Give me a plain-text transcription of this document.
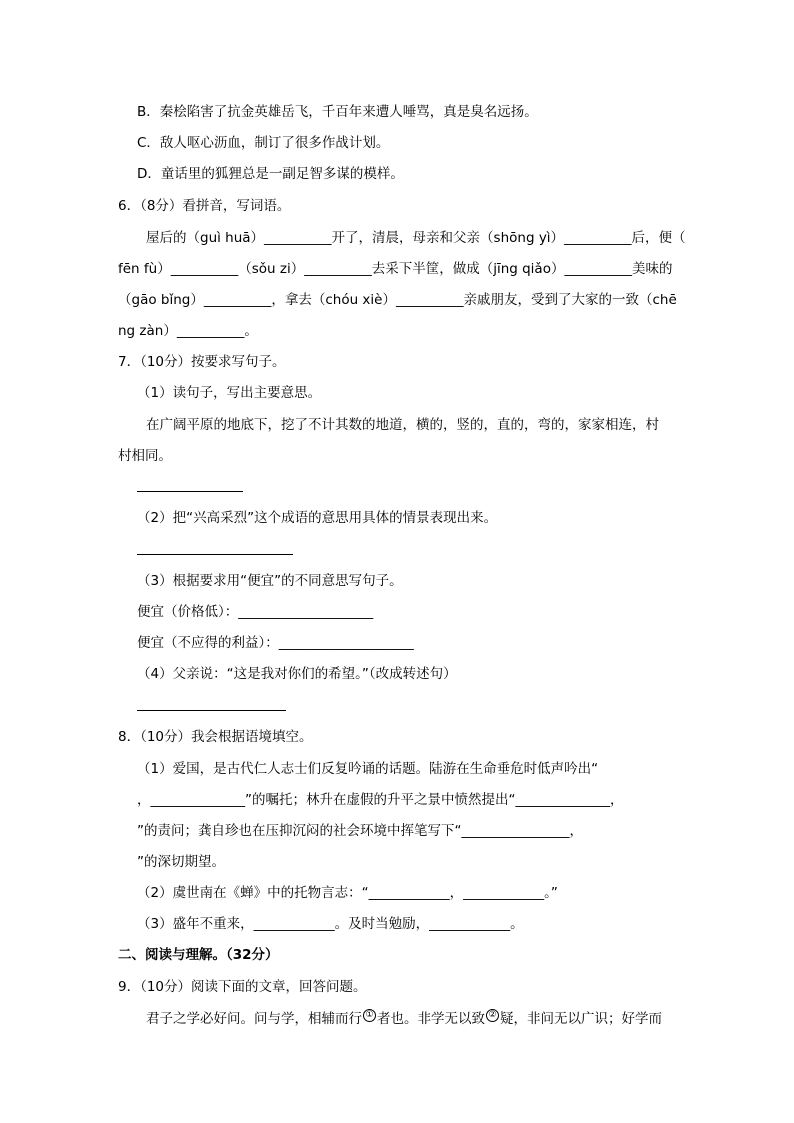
B．秦桧陷害了抗金英雄岳飞，千百年来遭人唾骂，真是臭名远扬。
C．敌人呕心沥血，制订了很多作战计划。
D．童话里的狐狸总是一副足智多谋的模样。
6．（8分）看拼音，写词语。
屋后的（guì huā）__________开了，清晨，母亲和父亲（shōng yì）__________后，便（
fēn fù）__________（sǒu zi）__________去采下半筐，做成（jīng qiǎo）__________美味的
（gāo bǐng）__________，拿去（chóu xiè）__________亲戚朋友，受到了大家的一致（chē
ng zàn）__________。
7．（10分）按要求写句子。
（1）读句子，写出主要意思。
在广阔平原的地底下，挖了不计其数的地道，横的，竖的，直的，弯的，家家相连，村
村相同。
（2）把“兴高采烈”这个成语的意思用具体的情景表现出来。
（3）根据要求用“便宜”的不同意思写句子。
便宜（价格低）：____________________
便宜（不应得的利益）：____________________
（4）父亲说：“这是我对你们的希望。”（改成转述句）
8．（10分）我会根据语境填空。
（1）爱国，是古代仁人志士们反复吟诵的话题。陆游在生命垂危时低声吟出“
，______________”的嘱托；林升在虚假的升平之景中愤然提出“______________，
”的责问；龚自珍也在压抑沉闷的社会环境中挥笔写下“________________，
”的深切期望。
（2）虞世南在《蝉》中的托物言志：“____________，____________。”
（3）盛年不重来，____________。及时当勉励，____________。
二、阅读与理解。（32分）
9．（10分）阅读下面的文章，回答问题。
君子之学必好问。问与学，相辅而行 ① 者也。非学无以致 ② 疑，非问无以广识；好学而
